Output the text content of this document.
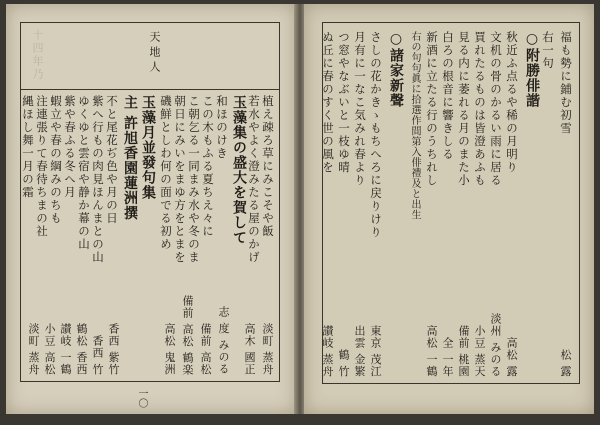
天地人
十四年乃
植え疎ろ草にみこそや飯
若水やよく澄みたる屋のかげ
玉藻集の盛大を賀して
和ほのけき
この木もふる夏ちえ々に
こ朝乞る一同まみ水や冬のま
朝日にみいをまゆ方をとまを
磯鮮としわ何の面でる初め
玉藻月並發句集
主 許旭香園蓮洲撰
不と尾花ぢ色や月の日
紫へ行もの肉見ほんまとの山
ゆくゆと雲宿や静か幕の山
紫や春ふる冬へ月
蝦立や春の綱みのちも
注連張りて春待ちまの社
縄ほし舞一月の霜
淡町 蒸舟
高木 國正
志 度 みのる
備前 高松
備前 高松 鶴楽
高松 鬼洲
香西 紫竹
香西 竹
鶴松 香西
讃岐 一鶴
小豆 高松
淡町 蒸舟
一〇
福も勢に鋪む初雪
右一句
○附勝俳諧
秋近ふ点るや稀の月明り
文机の骨のかるい雨に居る
買れたるものは皆澄あふも
見る内に萎れる月のまた小
白ろの根音に響きしる
新酒に立たる行のうちれし
右の句句眞に拾選作間第入俳禮及と出生
○諸家新聲
さしの花かきゝもちへろに戻りけり
月有に一なこ気みれ春より
つ窓やなぶいと一枝ゆ晴
ぬ丘に春のすく世の風を
松 露
高松 露
淡州 みのる
小豆 蒸天
備前 桃園
東京 茂江
出雲 金繁
鶴 竹
讃岐 蒸舟	高松 一鶴 全 一年
